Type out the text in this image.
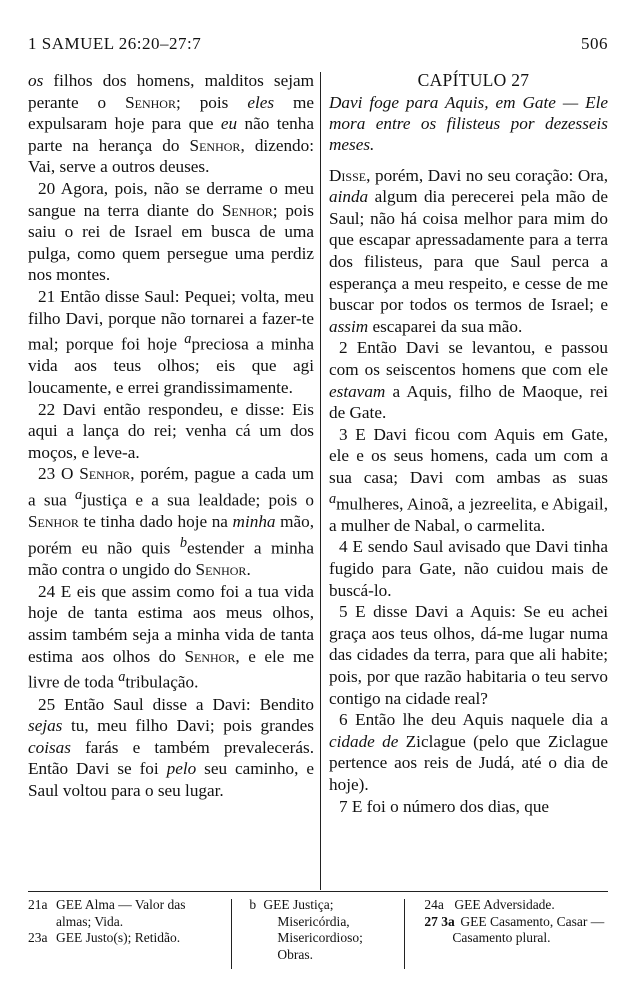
1 SAMUEL 26:20–27:7	506

os filhos dos homens, malditos sejam perante o Senhor; pois eles me expulsaram hoje para que eu não tenha parte na herança do Senhor, dizendo: Vai, serve a outros deuses.

20 Agora, pois, não se derrame o meu sangue na terra diante do Senhor; pois saiu o rei de Israel em busca de uma pulga, como quem persegue uma perdiz nos montes.

21 Então disse Saul: Pequei; volta, meu filho Davi, porque não tornarei a fazer-te mal; porque foi hoje $^a$preciosa a minha vida aos teus olhos; eis que agi loucamente, e errei grandissimamente.

22 Davi então respondeu, e disse: Eis aqui a lança do rei; venha cá um dos moços, e leve-a.

23 O Senhor, porém, pague a cada um a sua $^a$justiça e a sua lealdade; pois o Senhor te tinha dado hoje na minha mão, porém eu não quis $^b$estender a minha mão contra o ungido do Senhor.

24 E eis que assim como foi a tua vida hoje de tanta estima aos meus olhos, assim também seja a minha vida de tanta estima aos olhos do Senhor, e ele me livre de toda $^a$tribulação.

25 Então Saul disse a Davi: Bendito sejas tu, meu filho Davi; pois grandes coisas farás e também prevalecerás. Então Davi se foi pelo seu caminho, e Saul voltou para o seu lugar.

CAPÍTULO 27

Davi foge para Aquis, em Gate — Ele mora entre os filisteus por dezesseis meses.

Disse, porém, Davi no seu coração: Ora, ainda algum dia perecerei pela mão de Saul; não há coisa melhor para mim do que escapar apressadamente para a terra dos filisteus, para que Saul perca a esperança a meu respeito, e cesse de me buscar por todos os termos de Israel; e assim escaparei da sua mão.

2 Então Davi se levantou, e passou com os seiscentos homens que com ele estavam a Aquis, filho de Maoque, rei de Gate.

3 E Davi ficou com Aquis em Gate, ele e os seus homens, cada um com a sua casa; Davi com ambas as suas $^a$mulheres, Ainoã, a jezreelita, e Abigail, a mulher de Nabal, o carmelita.

4 E sendo Saul avisado que Davi tinha fugido para Gate, não cuidou mais de buscá-lo.

5 E disse Davi a Aquis: Se eu achei graça aos teus olhos, dá-me lugar numa das cidades da terra, para que ali habite; pois, por que razão habitaria o teu servo contigo na cidade real?

6 Então lhe deu Aquis naquele dia a cidade de Ziclague (pelo que Ziclague pertence aos reis de Judá, até o dia de hoje).

7 E foi o número dos dias, que

21a GEE Alma — Valor das almas; Vida.
23a GEE Justo(s); Retidão.
b GEE Justiça; Misericórdia, Misericordioso; Obras.
24a GEE Adversidade.
27 3a GEE Casamento, Casar — Casamento plural.
